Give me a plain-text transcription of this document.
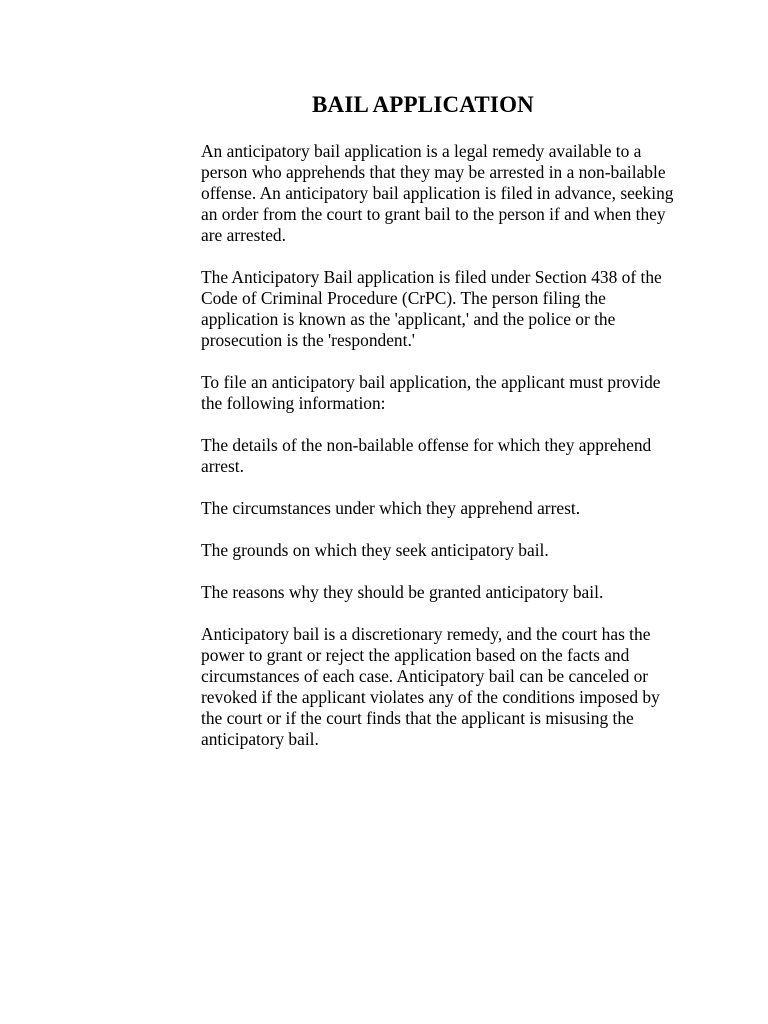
BAIL APPLICATION

An anticipatory bail application is a legal remedy available to a person who apprehends that they may be arrested in a non-bailable offense. An anticipatory bail application is filed in advance, seeking an order from the court to grant bail to the person if and when they are arrested.

The Anticipatory Bail application is filed under Section 438 of the Code of Criminal Procedure (CrPC). The person filing the application is known as the 'applicant,' and the police or the prosecution is the 'respondent.'

To file an anticipatory bail application, the applicant must provide the following information:

The details of the non-bailable offense for which they apprehend arrest.

The circumstances under which they apprehend arrest.

The grounds on which they seek anticipatory bail.

The reasons why they should be granted anticipatory bail.

Anticipatory bail is a discretionary remedy, and the court has the power to grant or reject the application based on the facts and circumstances of each case. Anticipatory bail can be canceled or revoked if the applicant violates any of the conditions imposed by the court or if the court finds that the applicant is misusing the anticipatory bail.
